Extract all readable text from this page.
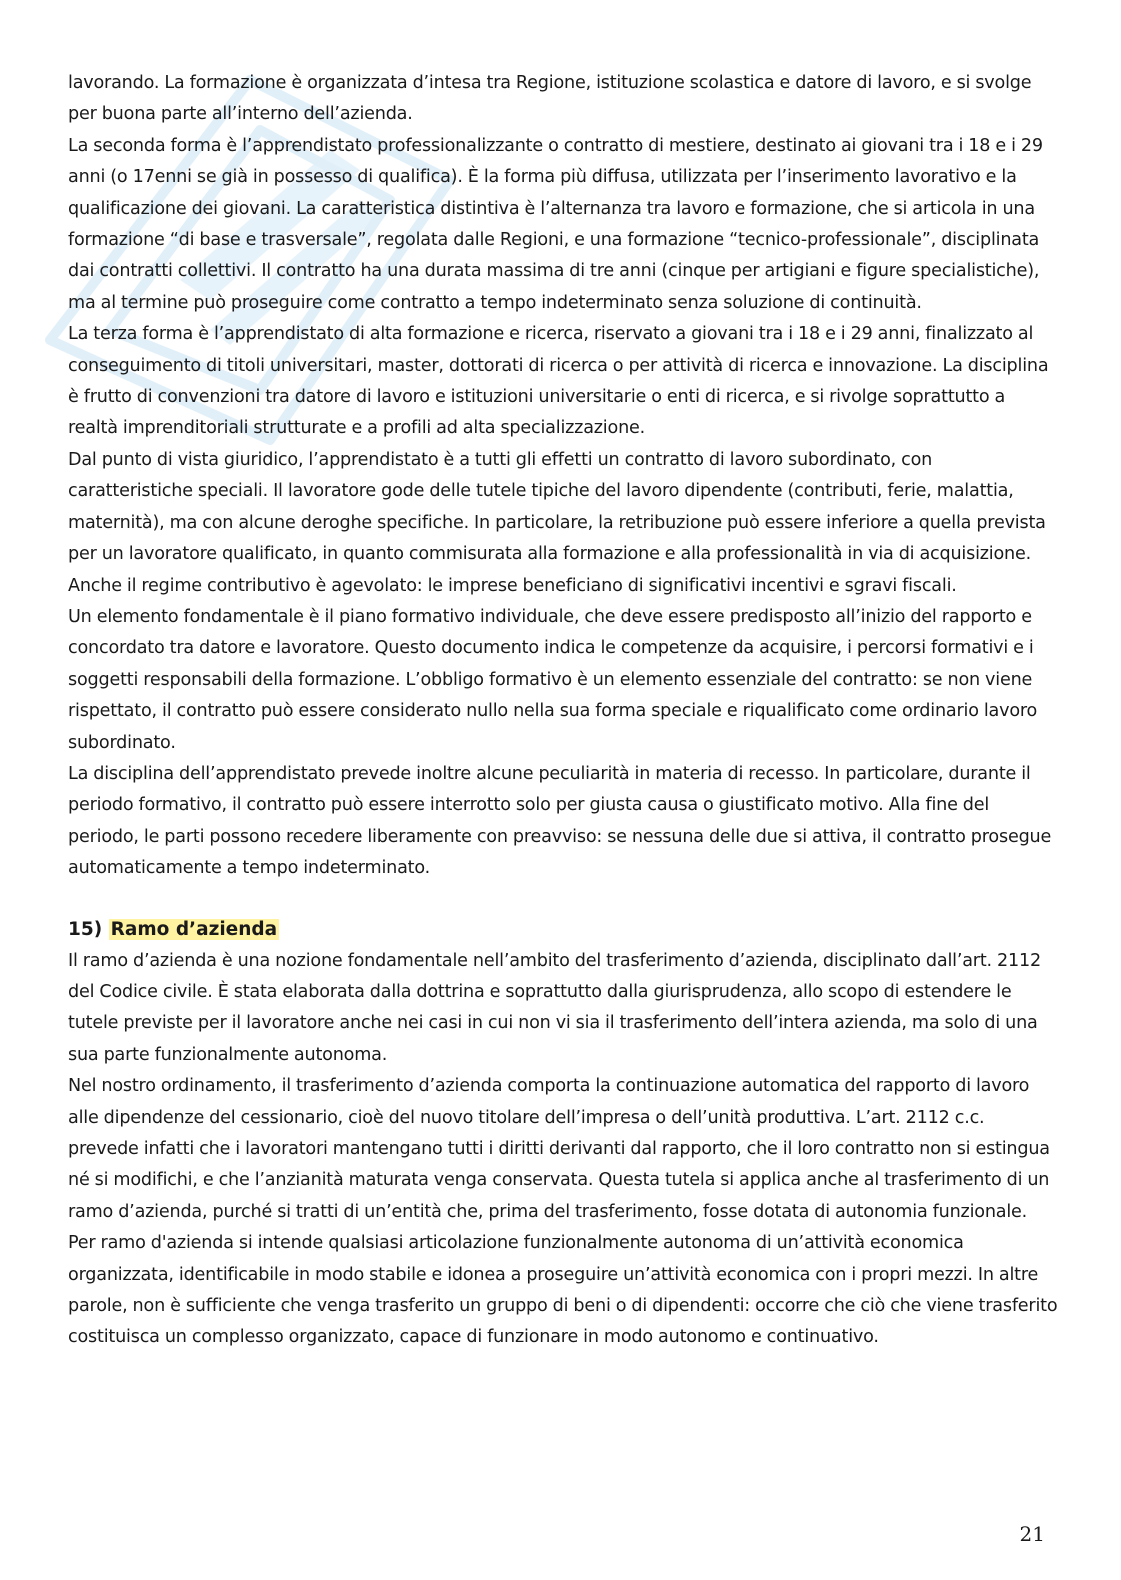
lavorando. La formazione è organizzata d’intesa tra Regione, istituzione scolastica e datore di lavoro, e si svolge per buona parte all’interno dell’azienda.

La seconda forma è l’apprendistato professionalizzante o contratto di mestiere, destinato ai giovani tra i 18 e i 29 anni (o 17enni se già in possesso di qualifica). È la forma più diffusa, utilizzata per l’inserimento lavorativo e la qualificazione dei giovani. La caratteristica distintiva è l’alternanza tra lavoro e formazione, che si articola in una formazione “di base e trasversale”, regolata dalle Regioni, e una formazione “tecnico-professionale”, disciplinata dai contratti collettivi. Il contratto ha una durata massima di tre anni (cinque per artigiani e figure specialistiche), ma al termine può proseguire come contratto a tempo indeterminato senza soluzione di continuità.

La terza forma è l’apprendistato di alta formazione e ricerca, riservato a giovani tra i 18 e i 29 anni, finalizzato al conseguimento di titoli universitari, master, dottorati di ricerca o per attività di ricerca e innovazione. La disciplina è frutto di convenzioni tra datore di lavoro e istituzioni universitarie o enti di ricerca, e si rivolge soprattutto a realtà imprenditoriali strutturate e a profili ad alta specializzazione.

Dal punto di vista giuridico, l’apprendistato è a tutti gli effetti un contratto di lavoro subordinato, con caratteristiche speciali. Il lavoratore gode delle tutele tipiche del lavoro dipendente (contributi, ferie, malattia, maternità), ma con alcune deroghe specifiche. In particolare, la retribuzione può essere inferiore a quella prevista per un lavoratore qualificato, in quanto commisurata alla formazione e alla professionalità in via di acquisizione. Anche il regime contributivo è agevolato: le imprese beneficiano di significativi incentivi e sgravi fiscali.

Un elemento fondamentale è il piano formativo individuale, che deve essere predisposto all’inizio del rapporto e concordato tra datore e lavoratore. Questo documento indica le competenze da acquisire, i percorsi formativi e i soggetti responsabili della formazione. L’obbligo formativo è un elemento essenziale del contratto: se non viene rispettato, il contratto può essere considerato nullo nella sua forma speciale e riqualificato come ordinario lavoro subordinato.

La disciplina dell’apprendistato prevede inoltre alcune peculiarità in materia di recesso. In particolare, durante il periodo formativo, il contratto può essere interrotto solo per giusta causa o giustificato motivo. Alla fine del periodo, le parti possono recedere liberamente con preavviso: se nessuna delle due si attiva, il contratto prosegue automaticamente a tempo indeterminato.

15) Ramo d’azienda

Il ramo d’azienda è una nozione fondamentale nell’ambito del trasferimento d’azienda, disciplinato dall’art. 2112 del Codice civile. È stata elaborata dalla dottrina e soprattutto dalla giurisprudenza, allo scopo di estendere le tutele previste per il lavoratore anche nei casi in cui non vi sia il trasferimento dell’intera azienda, ma solo di una sua parte funzionalmente autonoma.

Nel nostro ordinamento, il trasferimento d’azienda comporta la continuazione automatica del rapporto di lavoro alle dipendenze del cessionario, cioè del nuovo titolare dell’impresa o dell’unità produttiva. L’art. 2112 c.c. prevede infatti che i lavoratori mantengano tutti i diritti derivanti dal rapporto, che il loro contratto non si estingua né si modifichi, e che l’anzianità maturata venga conservata. Questa tutela si applica anche al trasferimento di un ramo d’azienda, purché si tratti di un’entità che, prima del trasferimento, fosse dotata di autonomia funzionale.

Per ramo d'azienda si intende qualsiasi articolazione funzionalmente autonoma di un’attività economica organizzata, identificabile in modo stabile e idonea a proseguire un’attività economica con i propri mezzi. In altre parole, non è sufficiente che venga trasferito un gruppo di beni o di dipendenti: occorre che ciò che viene trasferito costituisca un complesso organizzato, capace di funzionare in modo autonomo e continuativo.

21
